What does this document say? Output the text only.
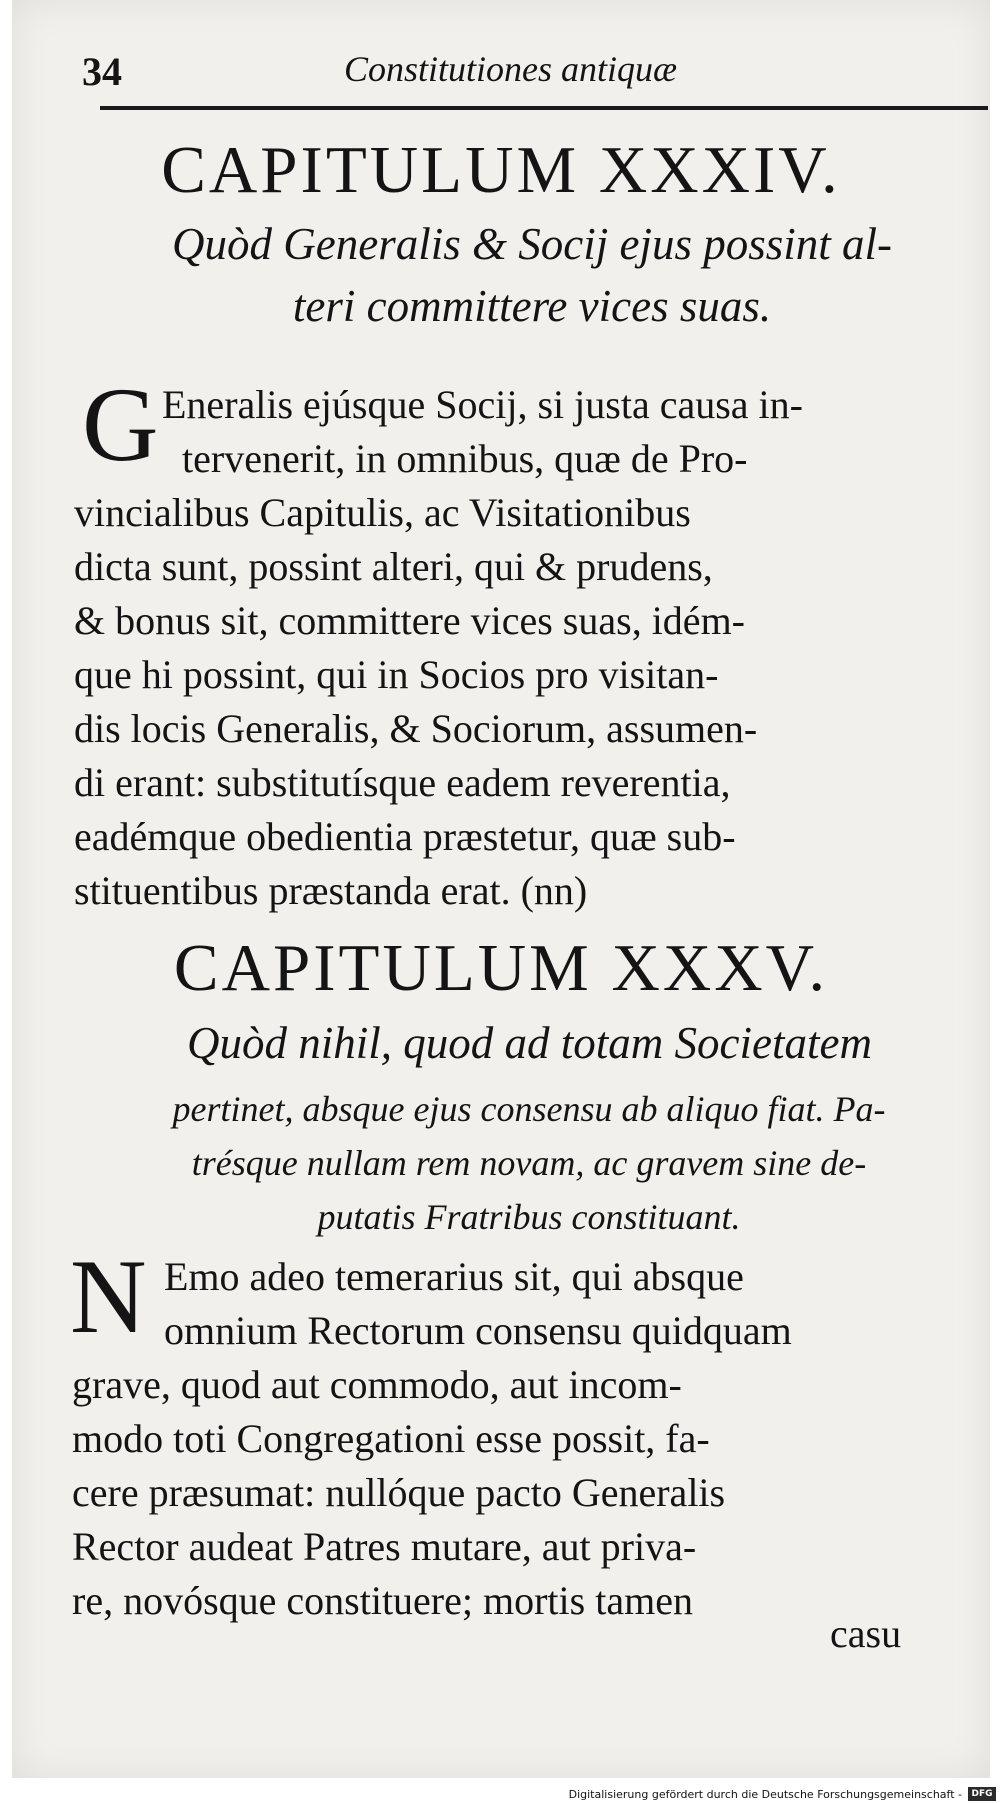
34	Constitutiones antiquæ
CAPITULUM XXXIV.
Quòd Generalis & Socij ejus possint al-
teri committere vices suas.
G Eneralis ejúsque Socij, si justa causa in-
tervenerit, in omnibus, quæ de Pro-
vincialibus Capitulis, ac Visitationibus
dicta sunt, possint alteri, qui & prudens,
& bonus sit, committere vices suas, idém-
que hi possint, qui in Socios pro visitan-
dis locis Generalis, & Sociorum, assumen-
di erant: substitutísque eadem reverentia,
eadémque obedientia præstetur, quæ sub-
stituentibus præstanda erat. (nn)
CAPITULUM XXXV.
Quòd nihil, quod ad totam Societatem
pertinet, absque ejus consensu ab aliquo fiat. Pa-
trésque nullam rem novam, ac gravem sine de-
putatis Fratribus constituant.
N Emo adeo temerarius sit, qui absque
omnium Rectorum consensu quidquam
grave, quod aut commodo, aut incom-
modo toti Congregationi esse possit, fa-
cere præsumat: nullóque pacto Generalis
Rector audeat Patres mutare, aut priva-
re, novósque constituere; mortis tamen
casu
Digitalisierung gefördert durch die Deutsche Forschungsgemeinschaft -	DFG
